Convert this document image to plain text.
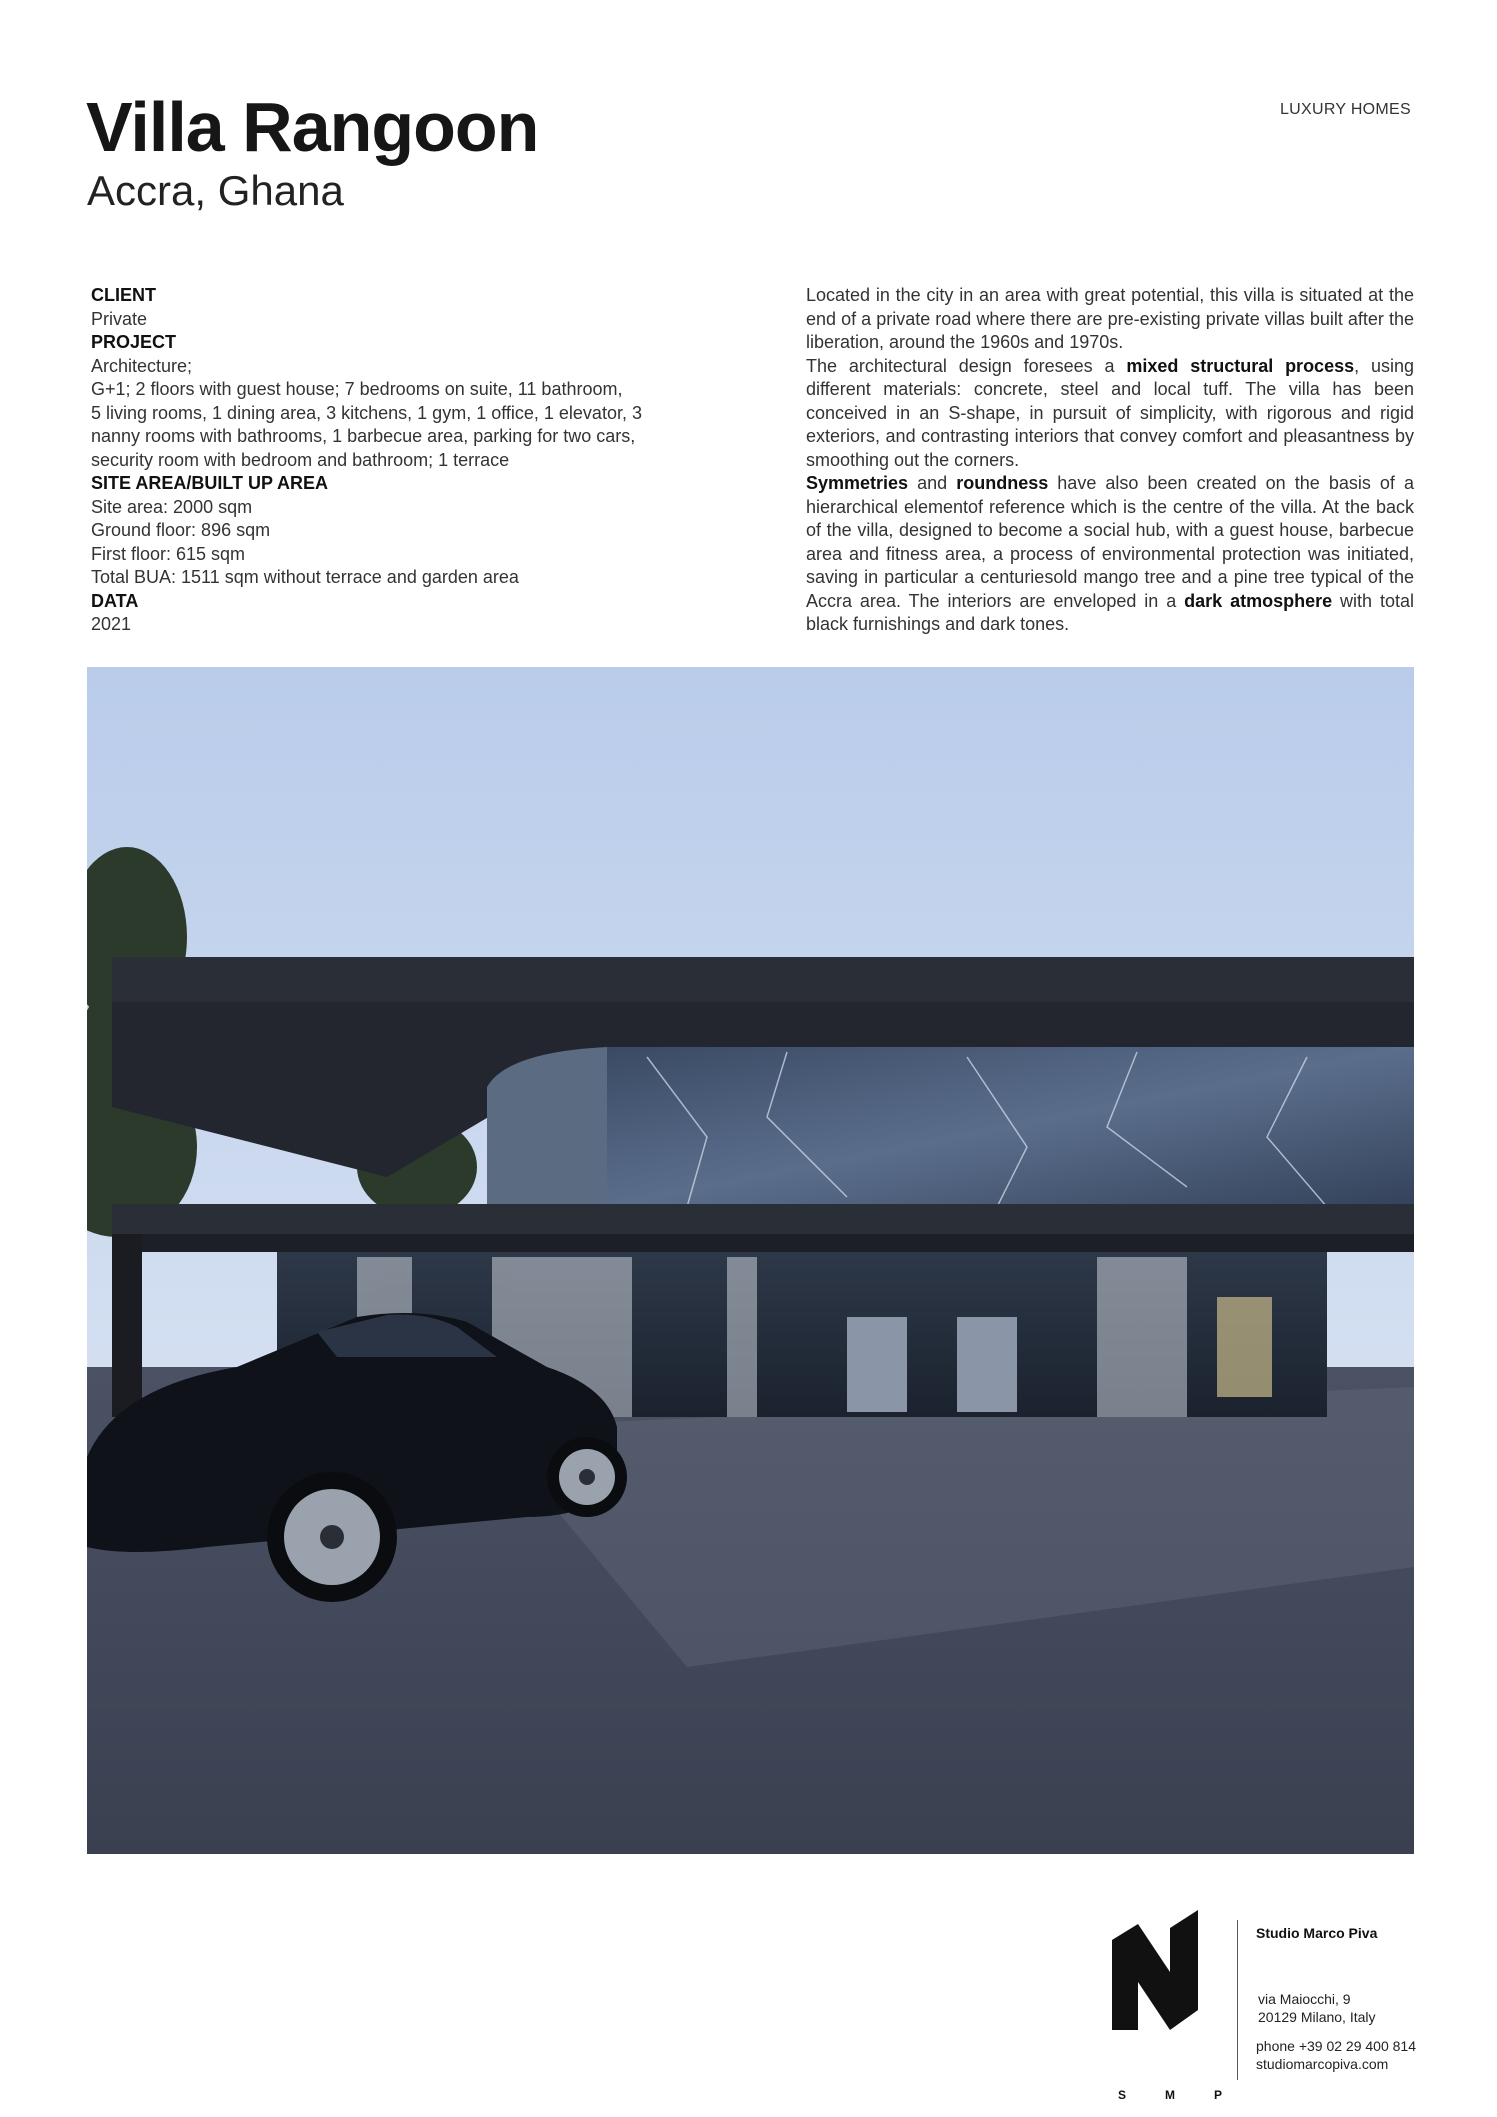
Villa Rangoon
Accra, Ghana
LUXURY HOMES
CLIENT
Private
PROJECT
Architecture;
G+1; 2 floors with guest house; 7 bedrooms on suite, 11 bathroom,
5 living rooms, 1 dining area, 3 kitchens, 1 gym, 1 office, 1 elevator, 3
nanny rooms with bathrooms, 1 barbecue area, parking for two cars,
security room with bedroom and bathroom; 1 terrace
SITE AREA/BUILT UP AREA
Site area: 2000 sqm
Ground floor: 896 sqm
First floor: 615 sqm
Total BUA: 1511 sqm without terrace and garden area
DATA
2021

Located in the city in an area with great potential, this villa is situated at the end of a private road where there are pre-existing private villas built after the liberation, around the 1960s and 1970s.

The architectural design foresees a mixed structural process, using different materials: concrete, steel and local tuff. The villa has been conceived in an S-shape, in pursuit of simplicity, with rigorous and rigid exteriors, and contrasting interiors that convey comfort and pleasantness by smoothing out the corners.

Symmetries and roundness have also been created on the basis of a hierarchical elementof reference which is the centre of the villa. At the back of the villa, designed to become a social hub, with a guest house, barbecue area and fitness area, a process of environmental protection was initiated, saving in particular a centuriesold mango tree and a pine tree typical of the Accra area. The interiors are enveloped in a dark atmosphere with total black furnishings and dark tones.

S	M	P
Studio Marco Piva
via Maiocchi, 9
20129 Milano, Italy
phone +39 02 29 400 814
studiomarcopiva.com
